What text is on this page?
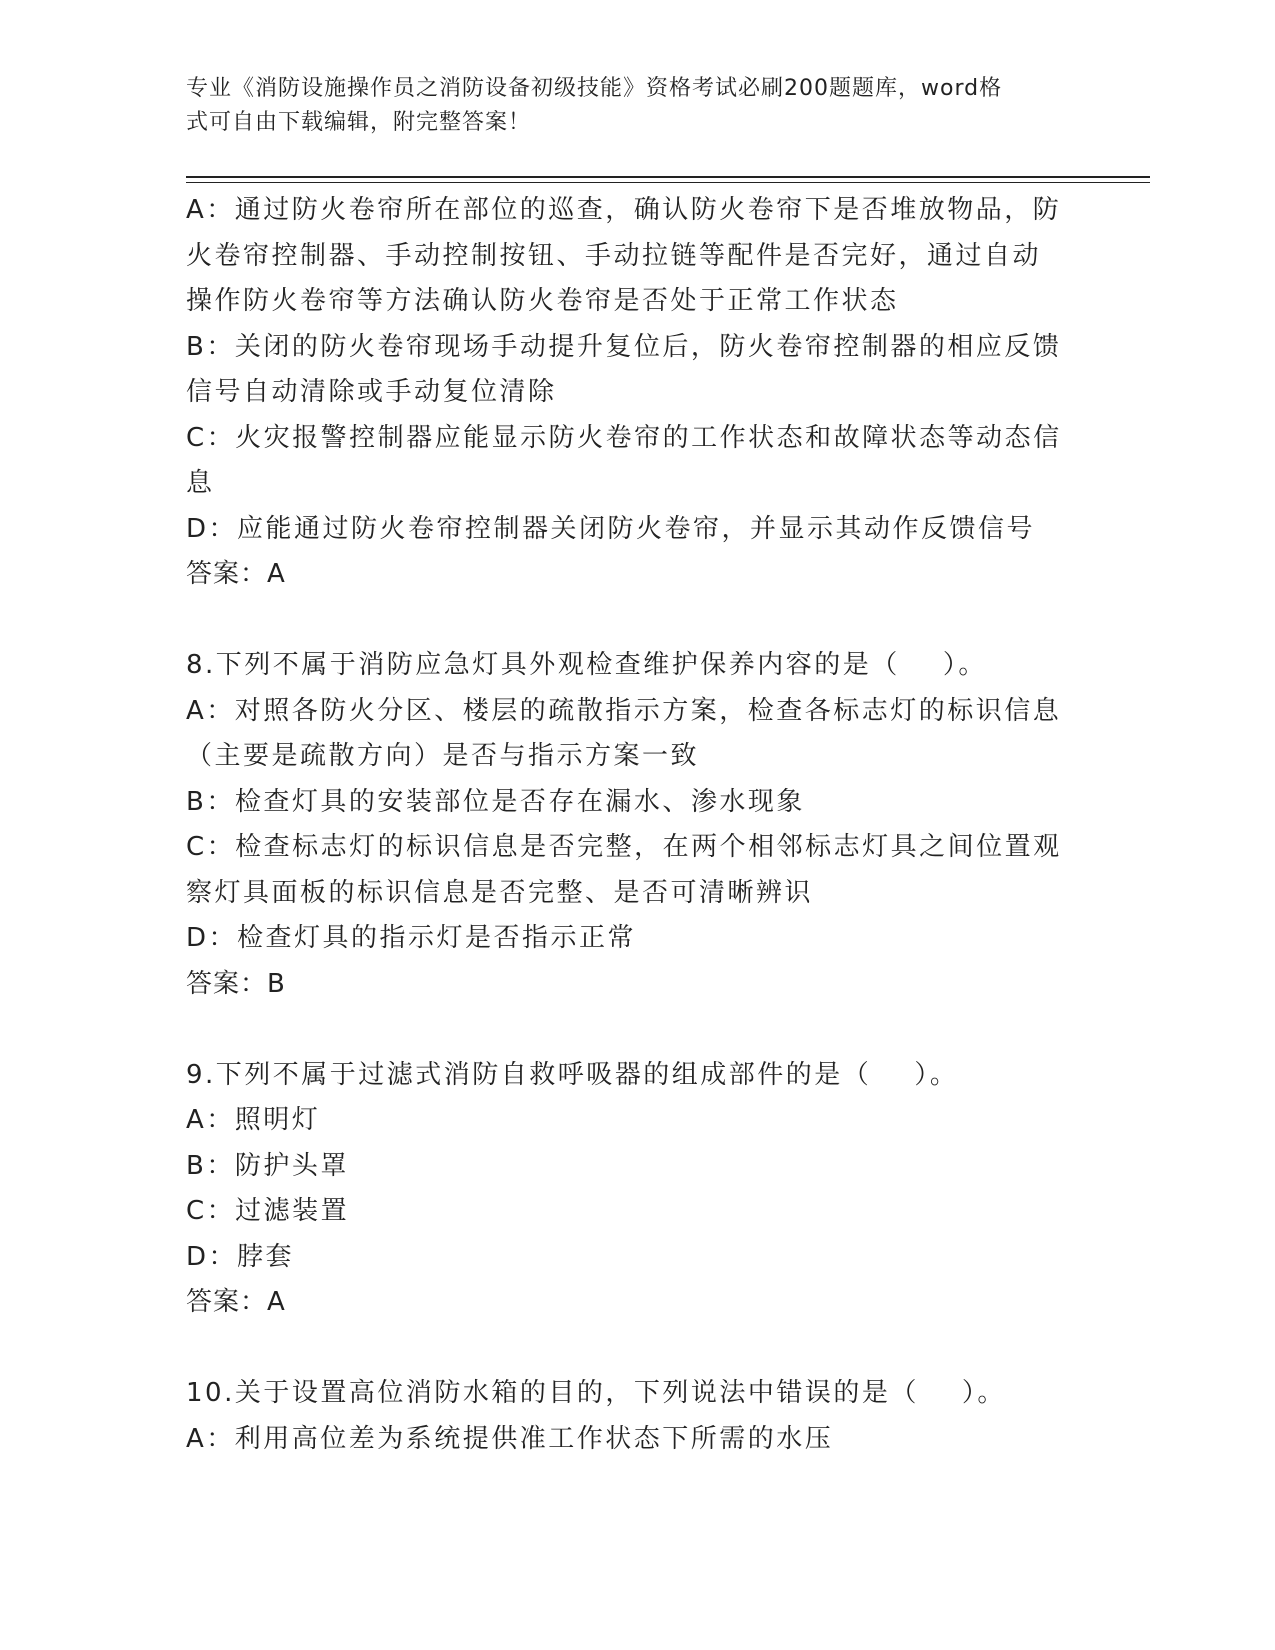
专业《消防设施操作员之消防设备初级技能》资格考试必刷200题题库，word格
式可自由下载编辑，附完整答案！
A：通过防火卷帘所在部位的巡查，确认防火卷帘下是否堆放物品，防
火卷帘控制器、手动控制按钮、手动拉链等配件是否完好，通过自动
操作防火卷帘等方法确认防火卷帘是否处于正常工作状态
B：关闭的防火卷帘现场手动提升复位后，防火卷帘控制器的相应反馈
信号自动清除或手动复位清除
C：火灾报警控制器应能显示防火卷帘的工作状态和故障状态等动态信
息
D：应能通过防火卷帘控制器关闭防火卷帘，并显示其动作反馈信号
答案：A
8.下列不属于消防应急灯具外观检查维护保养内容的是（    ）。
A：对照各防火分区、楼层的疏散指示方案，检查各标志灯的标识信息
（主要是疏散方向）是否与指示方案一致
B：检查灯具的安装部位是否存在漏水、渗水现象
C：检查标志灯的标识信息是否完整，在两个相邻标志灯具之间位置观
察灯具面板的标识信息是否完整、是否可清晰辨识
D：检查灯具的指示灯是否指示正常
答案：B
9.下列不属于过滤式消防自救呼吸器的组成部件的是（    ）。
A：照明灯
B：防护头罩
C：过滤装置
D：脖套
答案：A
10.关于设置高位消防水箱的目的，下列说法中错误的是（    ）。
A：利用高位差为系统提供准工作状态下所需的水压
